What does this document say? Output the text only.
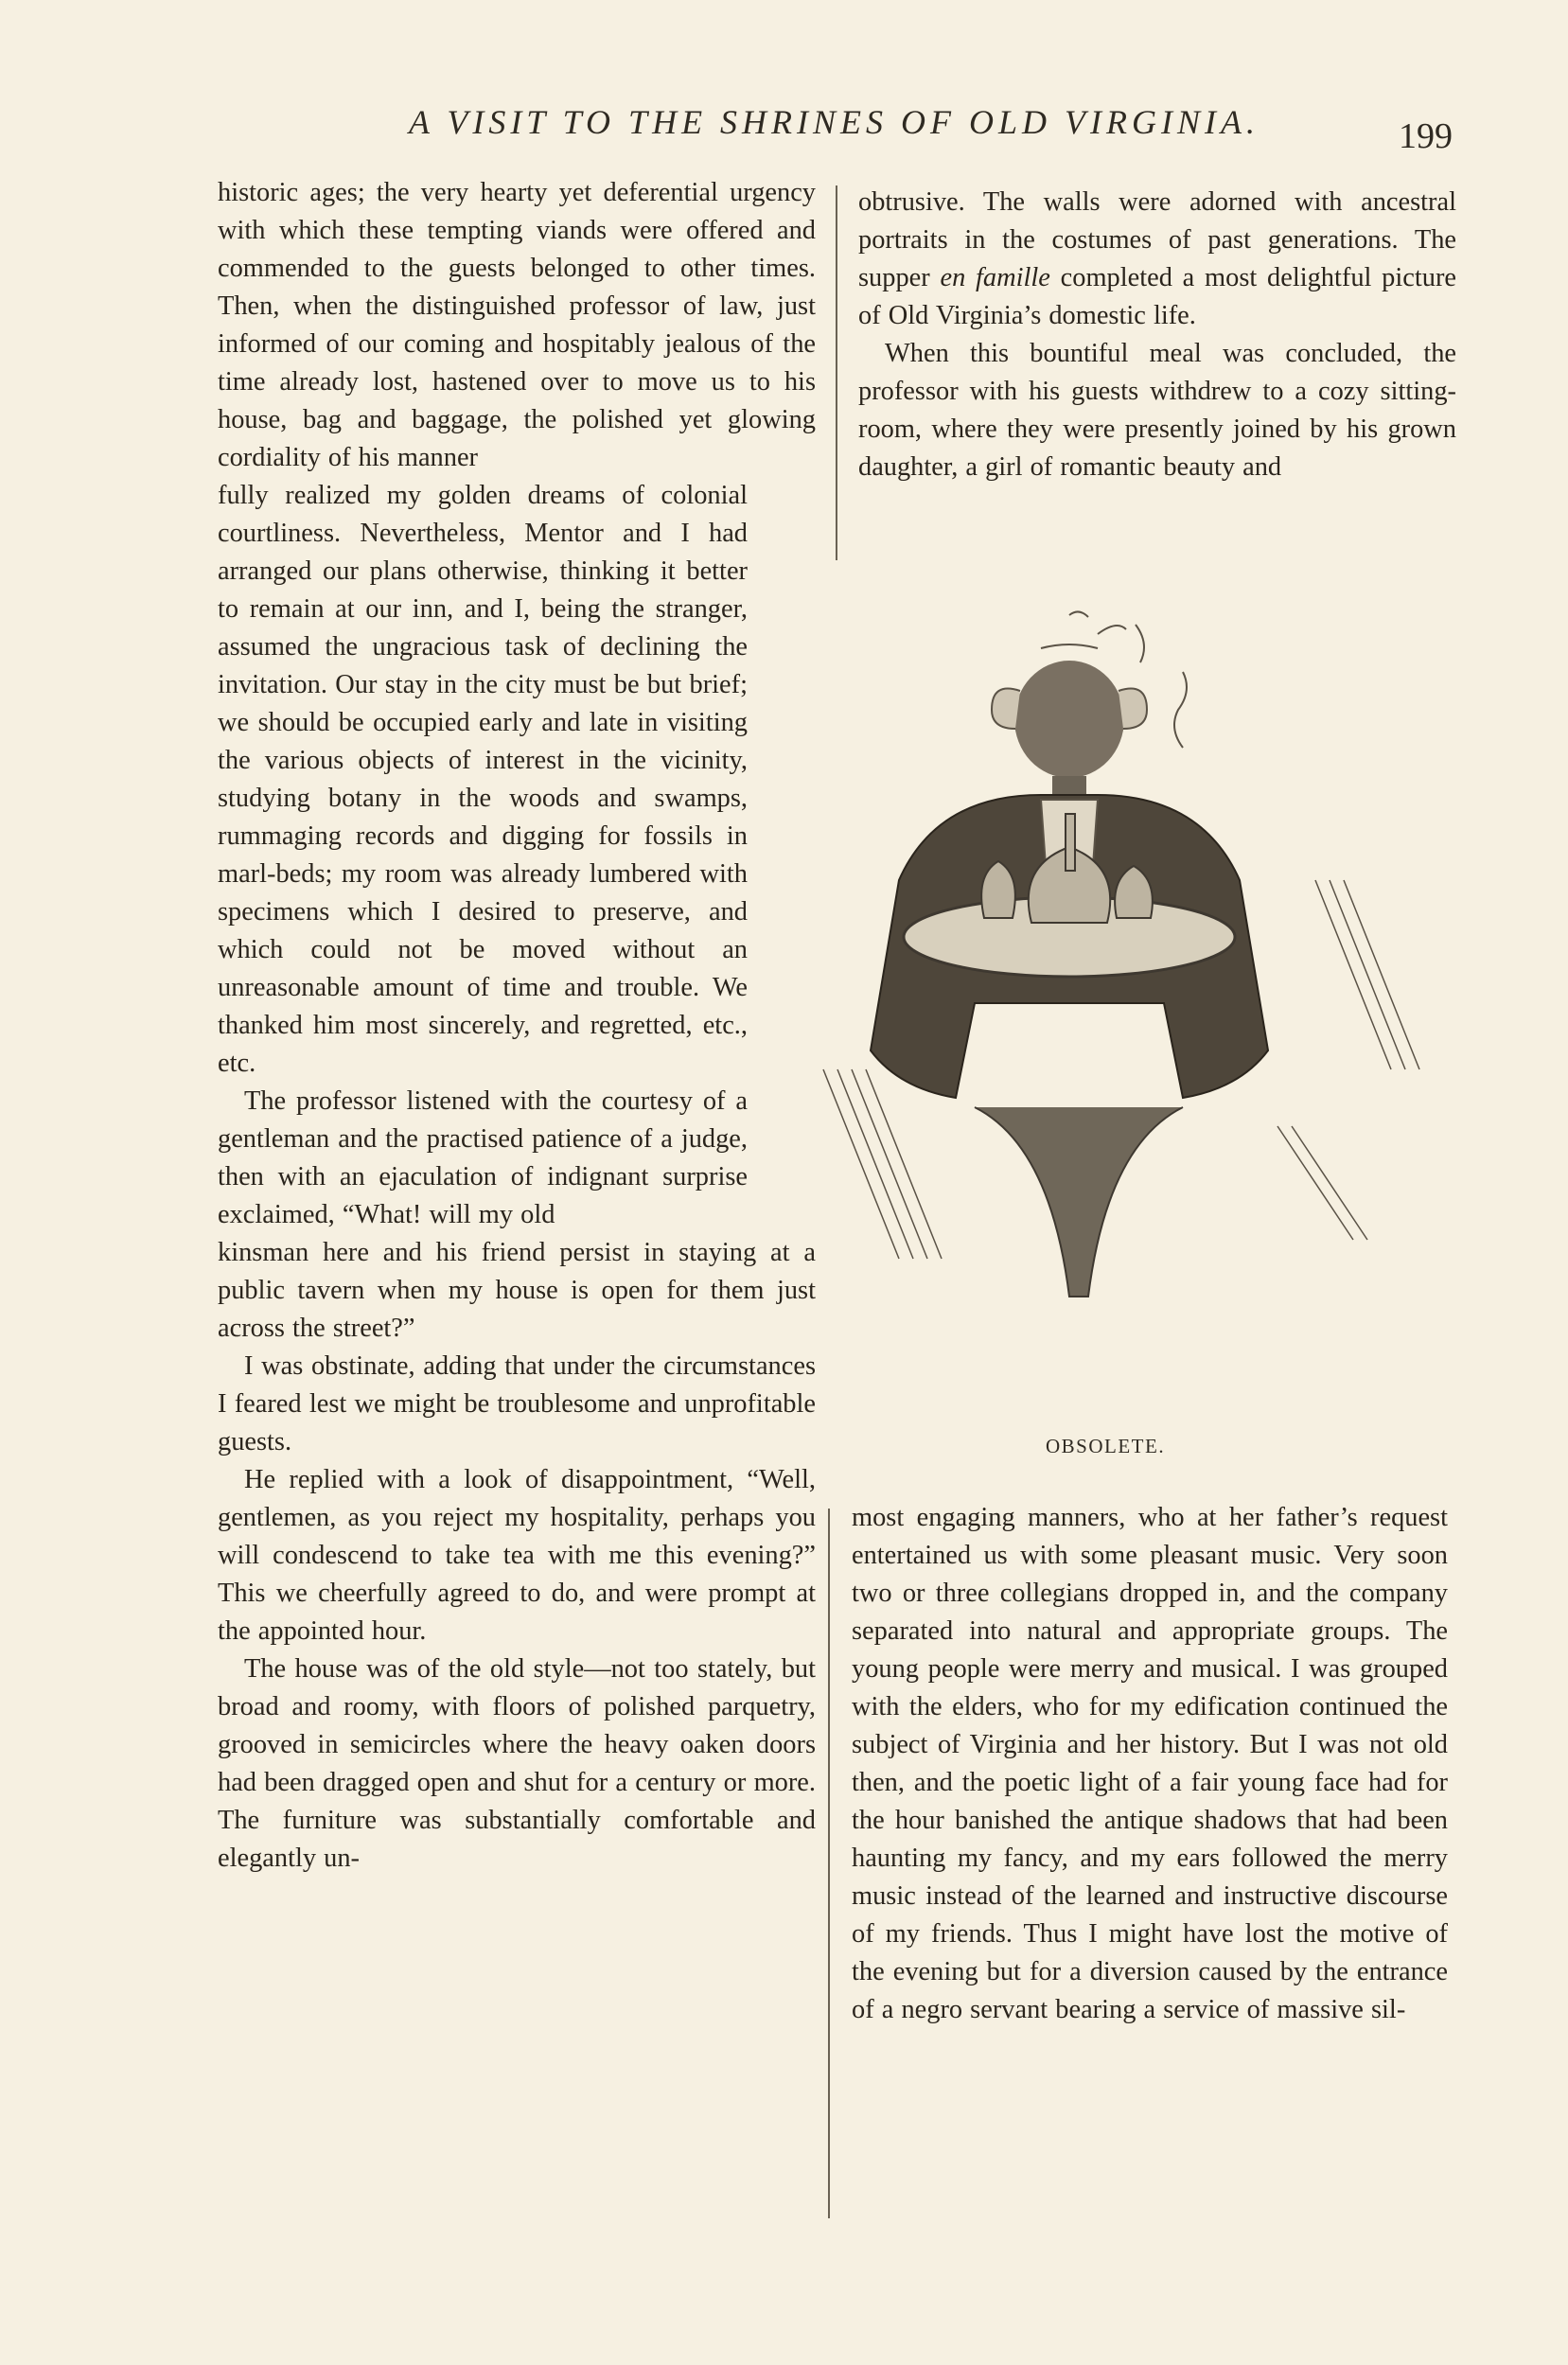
A VISIT TO THE SHRINES OF OLD VIRGINIA.	199

historic ages; the very hearty yet deferential urgency with which these tempting viands were offered and commended to the guests belonged to other times. Then, when the distinguished professor of law, just informed of our coming and hospitably jealous of the time already lost, hastened over to move us to his house, bag and baggage, the polished yet glowing cordiality of his manner

fully realized my golden dreams of colonial courtliness. Nevertheless, Mentor and I had arranged our plans otherwise, thinking it better to remain at our inn, and I, being the stranger, assumed the ungracious task of declining the invitation. Our stay in the city must be but brief; we should be occupied early and late in visiting the various objects of interest in the vicinity, studying botany in the woods and swamps, rummaging records and digging for fossils in marl-beds; my room was already lumbered with specimens which I desired to preserve, and which could not be moved without an unreasonable amount of time and trouble. We thanked him most sincerely, and regretted, etc., etc.

The professor listened with the courtesy of a gentleman and the practised patience of a judge, then with an ejaculation of indignant surprise exclaimed, “What! will my old

kinsman here and his friend persist in staying at a public tavern when my house is open for them just across the street?”

I was obstinate, adding that under the circumstances I feared lest we might be troublesome and unprofitable guests.

He replied with a look of disappointment, “Well, gentlemen, as you reject my hospitality, perhaps you will condescend to take tea with me this evening?” This we cheerfully agreed to do, and were prompt at the appointed hour.

The house was of the old style—not too stately, but broad and roomy, with floors of polished parquetry, grooved in semicircles where the heavy oaken doors had been dragged open and shut for a century or more. The furniture was substantially comfortable and elegantly un-

obtrusive. The walls were adorned with ancestral portraits in the costumes of past generations. The supper en famille completed a most delightful picture of Old Virginia’s domestic life.

When this bountiful meal was concluded, the professor with his guests withdrew to a cozy sitting-room, where they were presently joined by his grown daughter, a girl of romantic beauty and

OBSOLETE.

most engaging manners, who at her father’s request entertained us with some pleasant music. Very soon two or three collegians dropped in, and the company separated into natural and appropriate groups. The young people were merry and musical. I was grouped with the elders, who for my edification continued the subject of Virginia and her history. But I was not old then, and the poetic light of a fair young face had for the hour banished the antique shadows that had been haunting my fancy, and my ears followed the merry music instead of the learned and instructive discourse of my friends. Thus I might have lost the motive of the evening but for a diversion caused by the entrance of a negro servant bearing a service of massive sil-
